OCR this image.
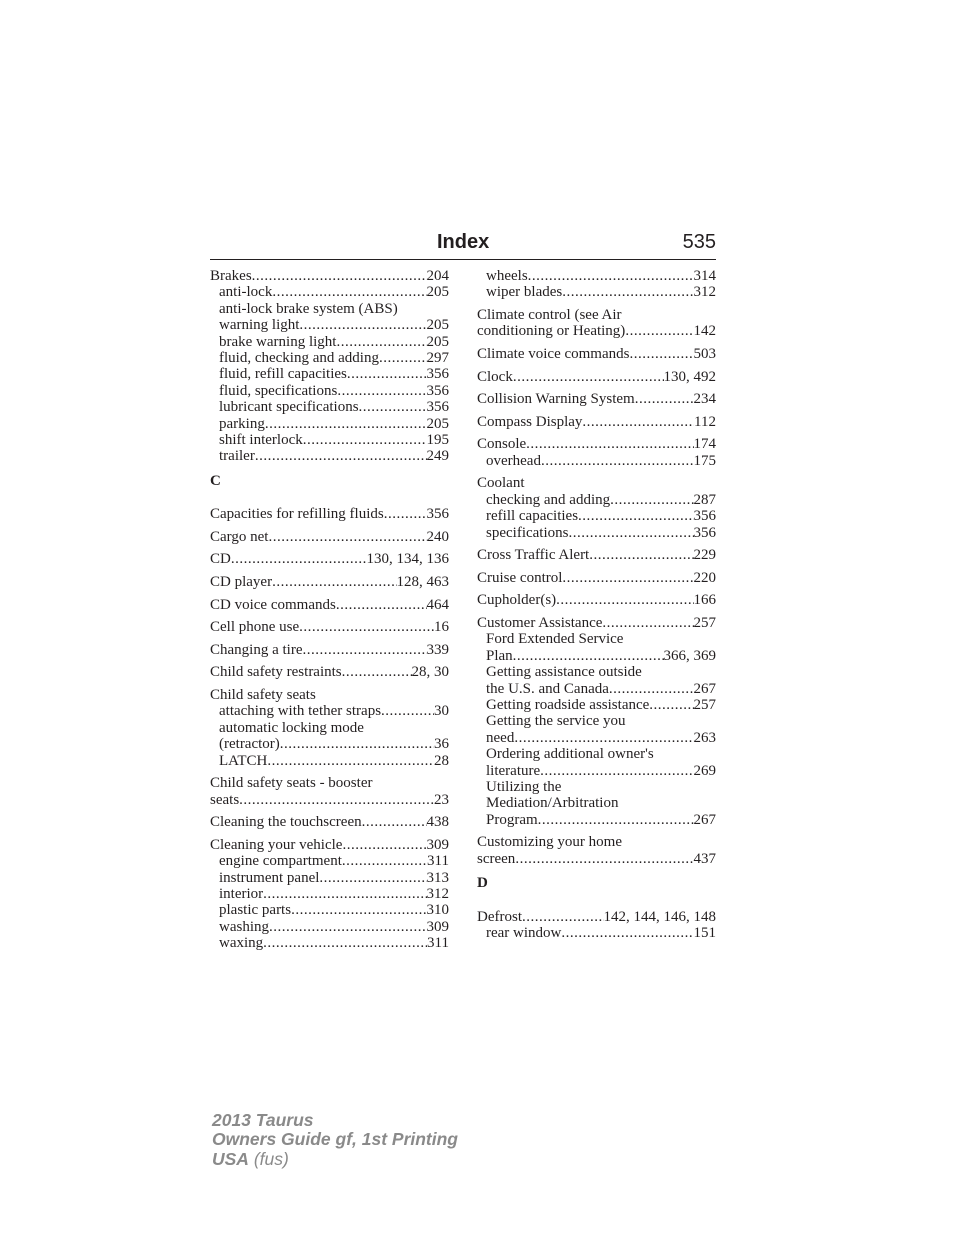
Index	535
Brakes .....	204
anti-lock .....	205
anti-lock brake system (ABS)
warning light .....	205
brake warning light .....	205
fluid, checking and adding .....	297
fluid, refill capacities .....	356
fluid, specifications .....	356
lubricant specifications .....	356
parking .....	205
shift interlock .....	195
trailer .....	249
C
Capacities for refilling fluids .....	356
Cargo net .....	240
CD .....	130, 134, 136
CD player .....	128, 463
CD voice commands .....	464
Cell phone use .....	16
Changing a tire .....	339
Child safety restraints .....	28, 30
Child safety seats
attaching with tether straps .....	30
automatic locking mode
(retractor) .....	36
LATCH .....	28
Child safety seats - booster
seats .....	23
Cleaning the touchscreen .....	438
Cleaning your vehicle .....	309
engine compartment .....	311
instrument panel .....	313
interior .....	312
plastic parts .....	310
washing .....	309
waxing .....	311
wheels .....	314
wiper blades .....	312
Climate control (see Air
conditioning or Heating) .....	142
Climate voice commands .....	503
Clock .....	130, 492
Collision Warning System .....	234
Compass Display .....	112
Console .....	174
overhead .....	175
Coolant
checking and adding .....	287
refill capacities .....	356
specifications .....	356
Cross Traffic Alert .....	229
Cruise control .....	220
Cupholder(s) .....	166
Customer Assistance .....	257
Ford Extended Service
Plan .....	366, 369
Getting assistance outside
the U.S. and Canada .....	267
Getting roadside assistance .....	257
Getting the service you
need .....	263
Ordering additional owner's
literature .....	269
Utilizing the
Mediation/Arbitration
Program .....	267
Customizing your home
screen .....	437
D
Defrost .....	142, 144, 146, 148
rear window .....	151
2013 Taurus
Owners Guide gf, 1st Printing
USA (fus)
